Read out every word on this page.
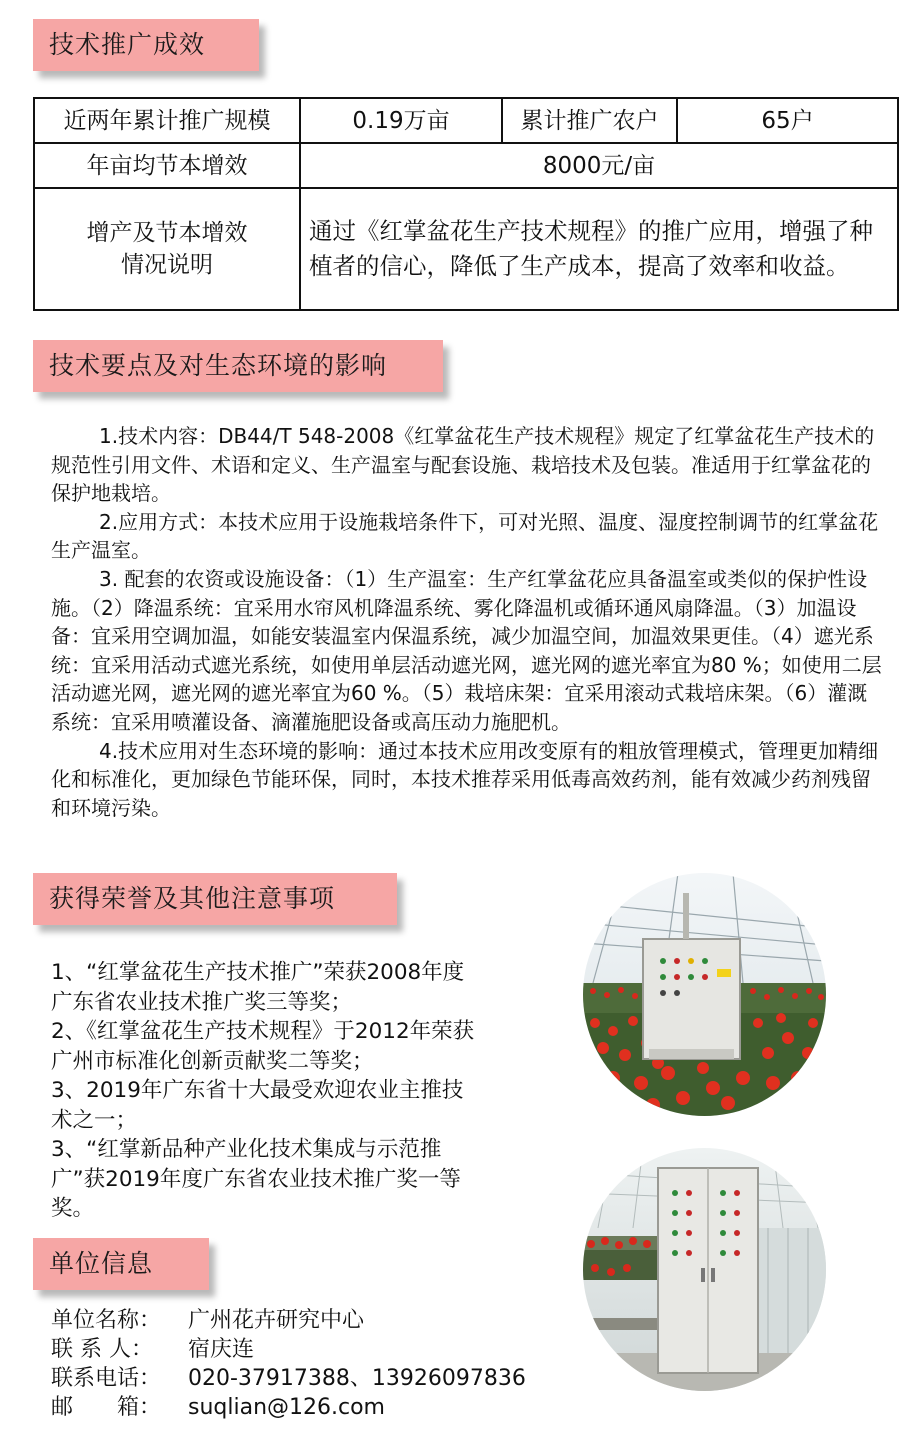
技术推广成效
近两年累计推广规模	0.19万亩	累计推广农户	65户
年亩均节本增效	8000元/亩		

增产及节本增效
情况说明	通过《红掌盆花生产技术规程》的推广应用，增强了种植者的信心，降低了生产成本，提高了效率和收益。		
技术要点及对生态环境的影响

1.技术内容：DB44/T 548-2008《红掌盆花生产技术规程》规定了红掌盆花生产技术的规范性引用文件、术语和定义、生产温室与配套设施、栽培技术及包装。准适用于红掌盆花的保护地栽培。

2.应用方式：本技术应用于设施栽培条件下，可对光照、温度、湿度控制调节的红掌盆花生产温室。

3. 配套的农资或设施设备：（1）生产温室：生产红掌盆花应具备温室或类似的保护性设施。（2）降温系统：宜采用水帘风机降温系统、雾化降温机或循环通风扇降温。（3）加温设备：宜采用空调加温，如能安装温室内保温系统，减少加温空间，加温效果更佳。（4）遮光系统：宜采用活动式遮光系统，如使用单层活动遮光网，遮光网的遮光率宜为80 %；如使用二层活动遮光网，遮光网的遮光率宜为60 %。（5）栽培床架：宜采用滚动式栽培床架。（6）灌溉系统：宜采用喷灌设备、滴灌施肥设备或高压动力施肥机。

4.技术应用对生态环境的影响：通过本技术应用改变原有的粗放管理模式，管理更加精细化和标准化，更加绿色节能环保，同时，本技术推荐采用低毒高效药剂，能有效减少药剂残留和环境污染。

获得荣誉及其他注意事项

1、“红掌盆花生产技术推广”荣获2008年度广东省农业技术推广奖三等奖；

2、《红掌盆花生产技术规程》于2012年荣获广州市标准化创新贡献奖二等奖；

3、2019年广东省十大最受欢迎农业主推技术之一；

3、“红掌新品种产业化技术集成与示范推广”获2019年度广东省农业技术推广奖一等奖。

单位信息
单位名称：	广州花卉研究中心
联 系 人：	宿庆连
联系电话：	020-37917388、13926097836
邮　　箱：	suqlian@126.com
